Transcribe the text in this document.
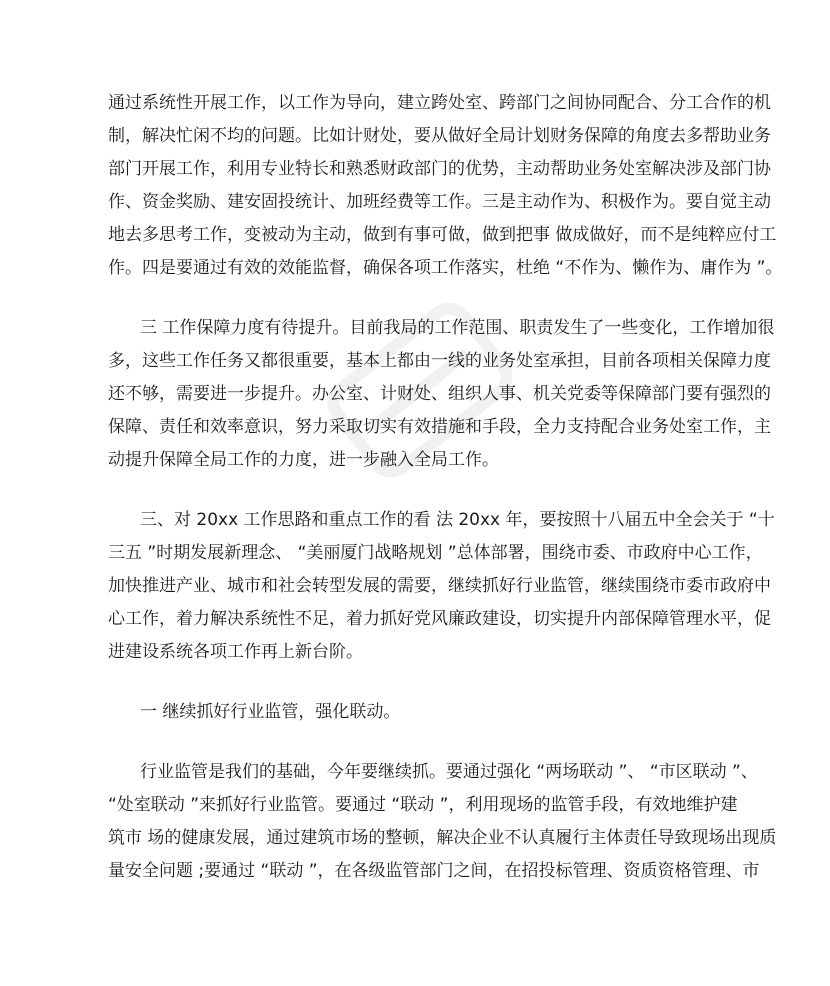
通过系统性开展工作，以工作为导向，建立跨处室、跨部门之间协同配合、分工合作的机
制，解决忙闲不均的问题。比如计财处，要从做好全局计划财务保障的角度去多帮助业务
部门开展工作，利用专业特长和熟悉财政部门的优势，主动帮助业务处室解决涉及部门协
作、资金奖励、建安固投统计、加班经费等工作。三是主动作为、积极作为。要自觉主动
地去多思考工作，变被动为主动，做到有事可做，做到把事 做成做好，而不是纯粹应付工
作。四是要通过有效的效能监督，确保各项工作落实，杜绝 “不作为、懒作为、庸作为 ”。
三 工作保障力度有待提升。目前我局的工作范围、职责发生了一些变化，工作增加很
多，这些工作任务又都很重要，基本上都由一线的业务处室承担，目前各项相关保障力度
还不够，需要进一步提升。办公室、计财处、组织人事、机关党委等保障部门要有强烈的
保障、责任和效率意识，努力采取切实有效措施和手段，全力支持配合业务处室工作，主
动提升保障全局工作的力度，进一步融入全局工作。
三、对 20xx 工作思路和重点工作的看 法 20xx 年，要按照十八届五中全会关于 “十
三五 ”时期发展新理念、 “美丽厦门战略规划 ”总体部署，围绕市委、市政府中心工作，
加快推进产业、城市和社会转型发展的需要，继续抓好行业监管，继续围绕市委市政府中
心工作，着力解决系统性不足，着力抓好党风廉政建设，切实提升内部保障管理水平，促
进建设系统各项工作再上新台阶。
一 继续抓好行业监管，强化联动。
行业监管是我们的基础，今年要继续抓。要通过强化 “两场联动 ”、 “市区联动 ”、
“处室联动 ”来抓好行业监管。要通过 “联动 ”，利用现场的监管手段，有效地维护建
筑市 场的健康发展，通过建筑市场的整顿，解决企业不认真履行主体责任导致现场出现质
量安全问题 ;要通过 “联动 ”，在各级监管部门之间，在招投标管理、资质资格管理、市
